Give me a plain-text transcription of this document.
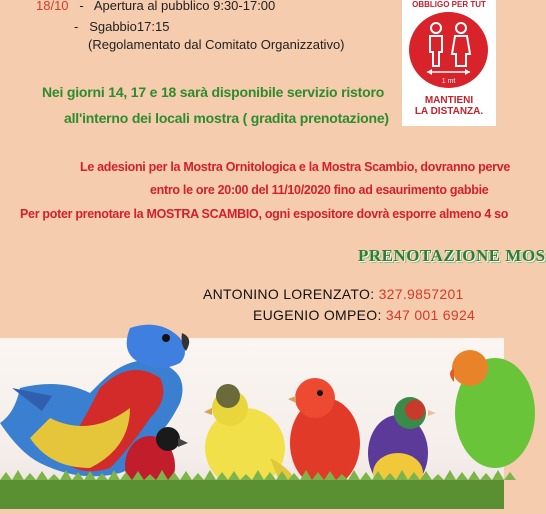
18/10   -   Apertura al pubblico 9:30-17:00
-   Sgabbio17:15
(Regolamentato dal Comitato Organizzativo)
OBBLIGO PER TUT
1 mt
MANTIENI
LA DISTANZA.
Nei giorni 14, 17 e 18 sarà disponibile servizio ristoro
all'interno dei locali mostra ( gradita prenotazione)
Le adesioni per la Mostra Ornitologica e la Mostra Scambio, dovranno perve
entro le ore 20:00 del 11/10/2020 fino ad esaurimento gabbie
Per poter prenotare la MOSTRA SCAMBIO, ogni espositore dovrà esporre almeno 4 so
PRENOTAZIONE MOS
ANTONINO LORENZATO: 327.9857201
EUGENIO OMPEO: 347 001 6924
